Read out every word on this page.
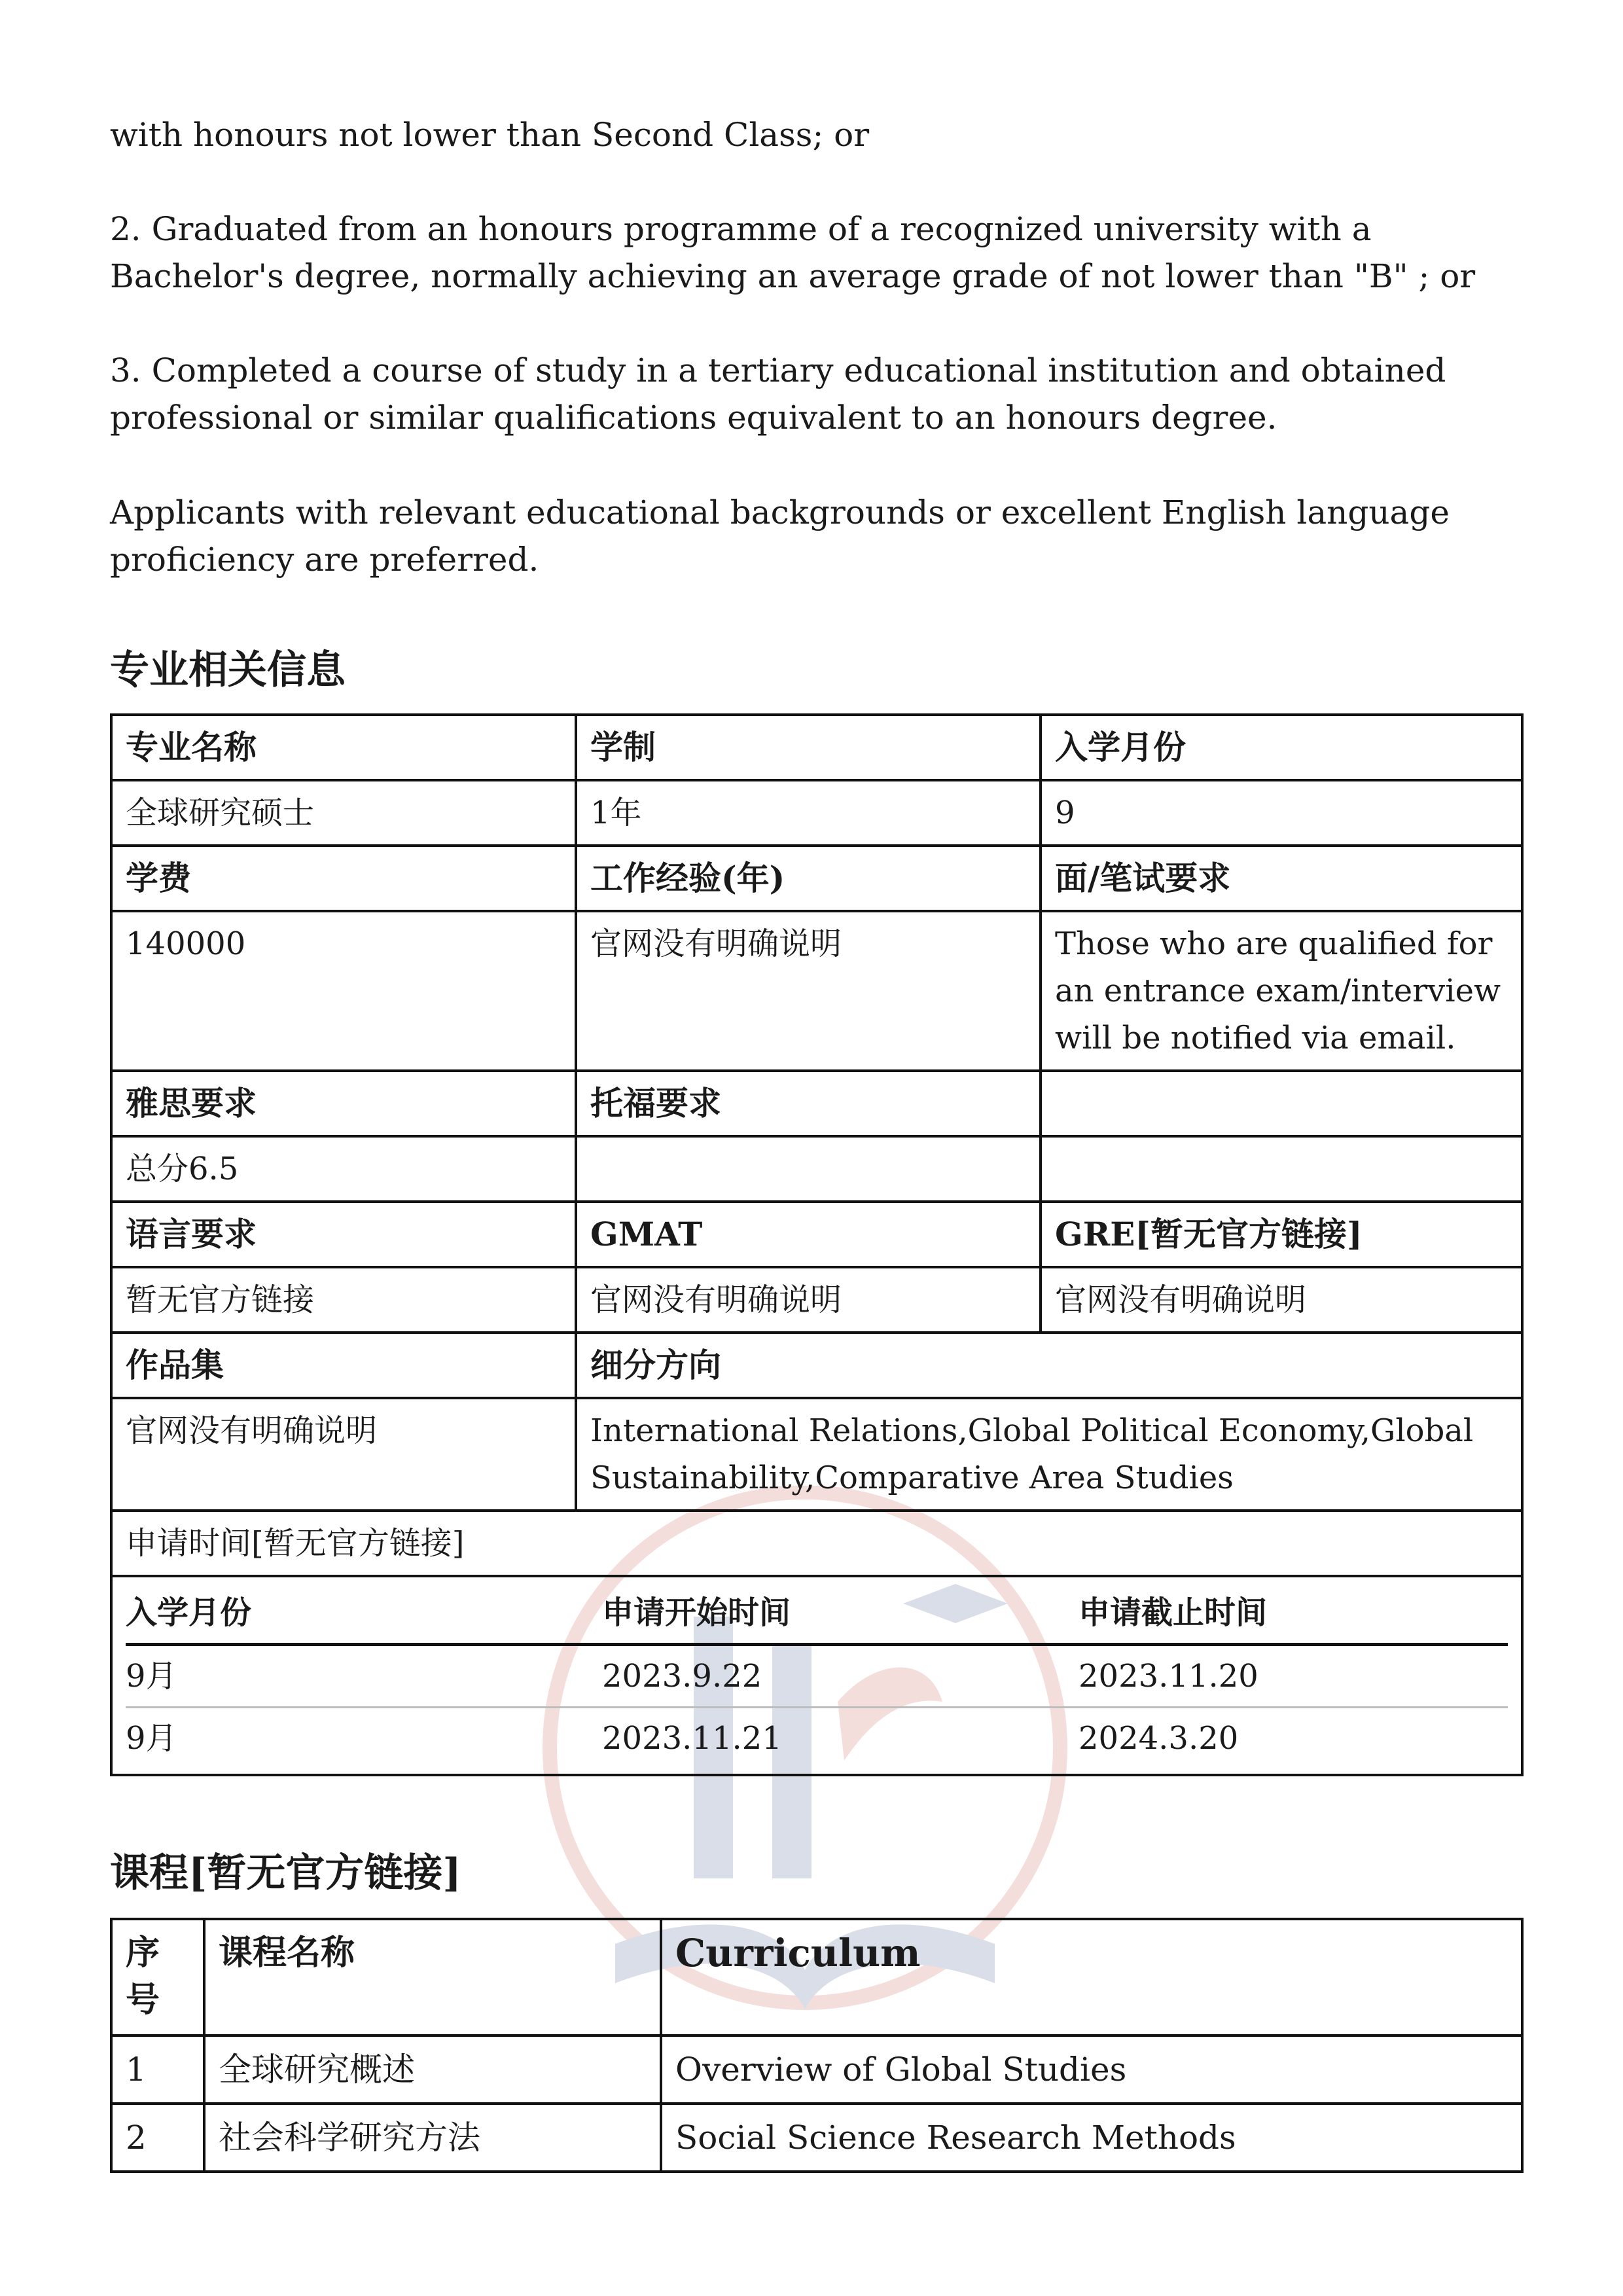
with honours not lower than Second Class; or

2. Graduated from an honours programme of a recognized university with a Bachelor's degree, normally achieving an average grade of not lower than "B" ; or

3. Completed a course of study in a tertiary educational institution and obtained professional or similar qualifications equivalent to an honours degree.

Applicants with relevant educational backgrounds or excellent English language proficiency are preferred.

专业相关信息
专业名称	学制	入学月份
全球研究硕士	1年	9
学费	工作经验(年)	面/笔试要求
140000	官网没有明确说明	Those who are qualified for an entrance exam/interview will be notified via email.
雅思要求	托福要求	
总分6.5		
语言要求	GMAT	GRE[暂无官方链接]
暂无官方链接	官网没有明确说明	官网没有明确说明
作品集	细分方向
官网没有明确说明	International Relations,Global Political Economy,Global Sustainability,Comparative Area Studies
申请时间[暂无官方链接]

入学月份	申请开始时间	申请截止时间
9月	2023.9.22	2023.11.20
9月	2023.11.21	2024.3.20
课程[暂无官方链接]
序号	课程名称	Curriculum
1	全球研究概述	Overview of Global Studies
2	社会科学研究方法	Social Science Research Methods
